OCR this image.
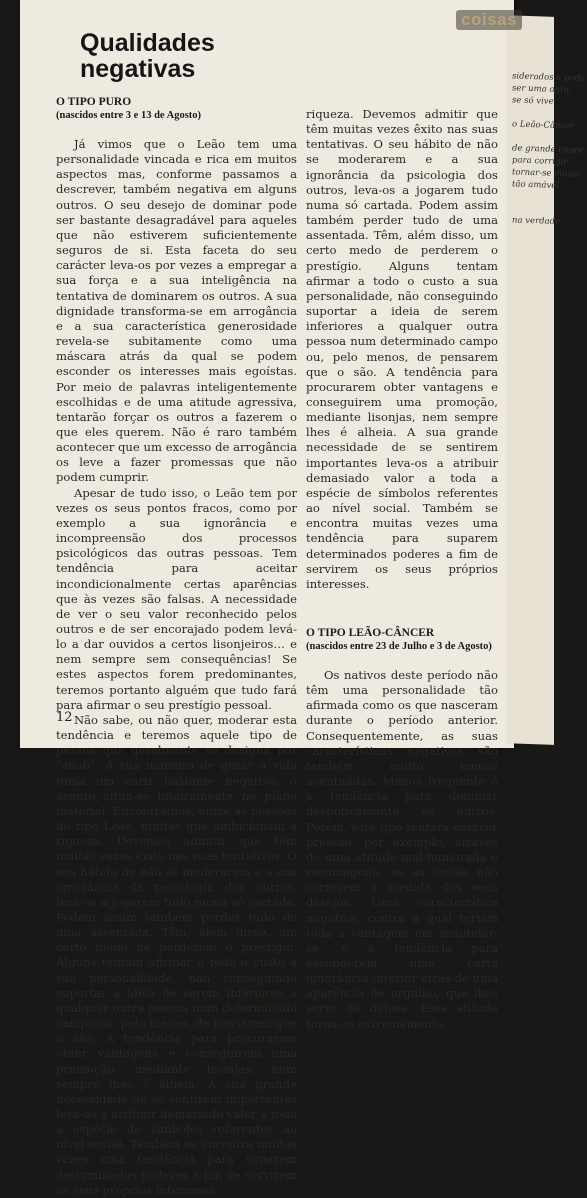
Qualidades
negativas	siderados e pode
ser uma agra-
se só vive
o Leão-Câncer
de grande impor-
para corrigir
tornar-se muito
tão amável
na verdade,
coisas

O TIPO PURO

(nascidos entre 3 e 13 de Agosto)

Já vimos que o Leão tem uma personalidade vincada e rica em muitos aspectos mas, conforme passamos a descrever, também negativa em alguns outros. O seu desejo de dominar pode ser bastante desagradável para aqueles que não estiverem suficientemente seguros de si. Esta faceta do seu carácter leva-os por vezes a empregar a sua força e a sua inteligência na tentativa de dominarem os outros. A sua dignidade transforma-se em arrogância e a sua característica generosidade revela-se subitamente como uma máscara atrás da qual se podem esconder os interesses mais egoístas. Por meio de palavras inteligentemente escolhidas e de uma atitude agressiva, tentarão forçar os outros a fazerem o que eles querem. Não é raro também acontecer que um excesso de arrogância os leve a fazer promessas que não podem cumprir.

Apesar de tudo isso, o Leão tem por vezes os seus pontos fracos, como por exemplo a sua ignorância e incompreensão dos processos psicológicos das outras pessoas. Tem tendência para aceitar incondicionalmente certas aparências que às vezes são falsas. A necessidade de ver o seu valor reconhecido pelos outros e de ser encorajado podem levá-lo a dar ouvidos a certos lisonjeiros… e nem sempre sem consequências! Se estes aspectos forem predominantes, teremos portanto alguém que tudo fará para afirmar o seu prestígio pessoal.

Não sabe, ou não quer, moderar esta tendência e teremos aquele tipo de pessoa que geralmente se designa por “snob”. A sua maneira de gozar a vida toma um cariz bastante negativo; o acento situa-se inteiramente no plano material. Encontramos, entre as pessoas do tipo Leão, muitas que ambicionam a riqueza. Devemos admitir que têm muitas vezes êxito nas suas tentativas. O seu hábito de não se moderarem e a sua ignorância da psicologia dos outros, leva-os a jogarem tudo numa só cartada. Podem assim também perder tudo de uma assentada. Têm, além disso, um certo medo de perderem o prestígio. Alguns tentam afirmar a todo o custo a sua personalidade, não conseguindo suportar a ideia de serem inferiores a qualquer outra pessoa num determinado campo ou, pelo menos, de pensarem que o são. A tendência para procurarem obter vantagens e conseguirem uma promoção, mediante lisonjas, nem sempre lhes é alheia. A sua grande necessidade de se sentirem importantes leva-os a atribuir demasiado valor a toda a espécie de símbolos referentes ao nível social. Também se encontra muitas vezes uma tendência para suparem determinados poderes a fim de servirem os seus próprios interesses.

riqueza. Devemos admitir que têm muitas vezes êxito nas suas tentativas. O seu hábito de não se moderarem e a sua ignorância da psicologia dos outros, leva-os a jogarem tudo numa só cartada. Podem assim também perder tudo de uma assentada. Têm, além disso, um certo medo de perderem o prestígio. Alguns tentam afirmar a todo o custo a sua personalidade, não conseguindo suportar a ideia de serem inferiores a qualquer outra pessoa num determinado campo ou, pelo menos, de pensarem que o são. A tendência para procurarem obter vantagens e conseguirem uma promoção, mediante lisonjas, nem sempre lhes é alheia. A sua grande necessidade de se sentirem importantes leva-os a atribuir demasiado valor a toda a espécie de símbolos referentes ao nível social. Também se encontra muitas vezes uma tendência para suparem determinados poderes a fim de servirem os seus próprios interesses.

O TIPO LEÃO-CÂNCER

(nascidos entre 23 de Julho e 3 de Agosto)

Os nativos deste período não têm uma personalidade tão afirmada como os que nasceram durante o período anterior. Consequentemente, as suas características negativas são também muito menos acentuadas. Menos frequente é a tendência para dominar despoticamente os outros. Porém, este tipo tentará exercer pressão, por exemplo, através de uma atitude mal-humorada e resmungona, se as coisas não correrem à medida dos seus desejos. Uma característica negativa, contra a qual teriam toda a vantagem em acautelar-se, é a tendência para esconderem uma certa ignorância interior atrás de uma aparência de orgulho, que lhes serve de defesa. Essa atitude torna-os extremamente

12
